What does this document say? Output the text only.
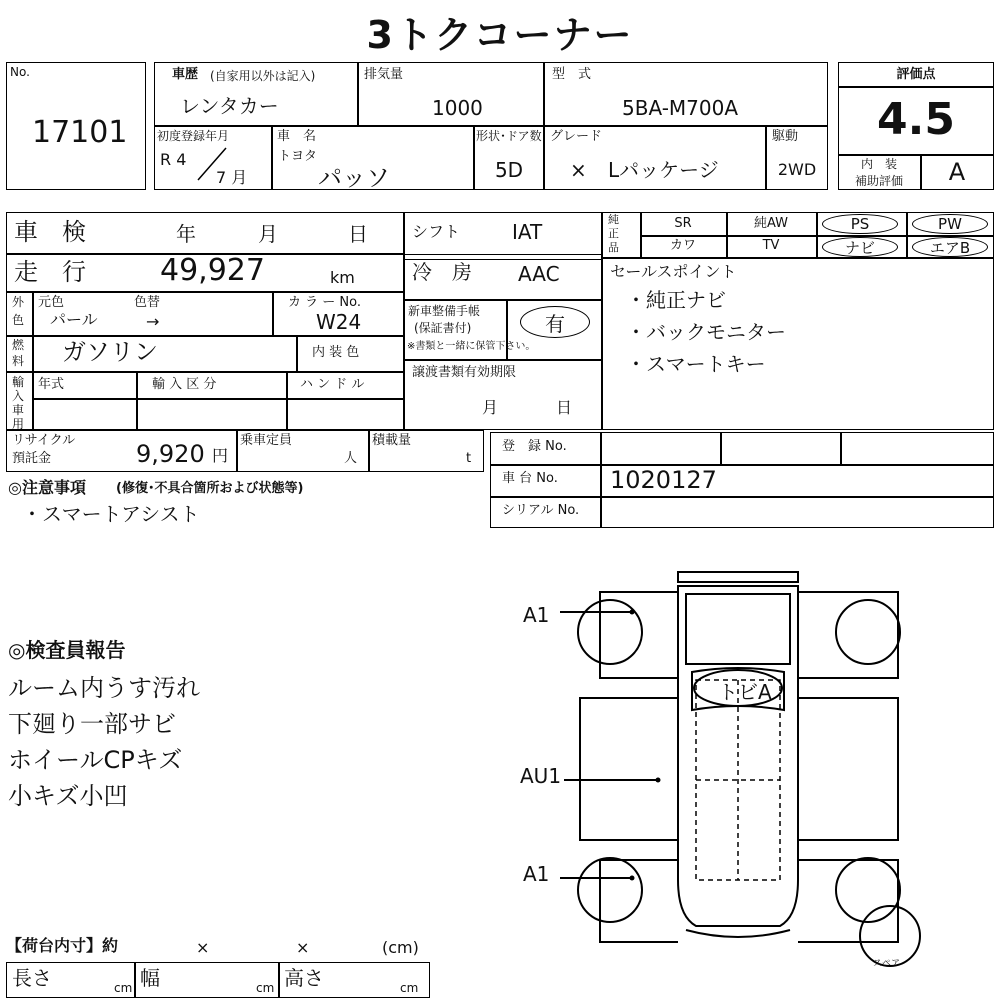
3トクコーナー
No.
17101
車歴 (自家用以外は記入)
レンタカー
排気量
1000
型　式
5BA-M700A
初度登録年月
R 4
7 月
車　名
トヨタ
パッソ
形状･ドア数
5D
グレード
× Lパッケージ
駆動
2WD
評価点
4.5
内　装
補助評価	A
車　検	年	月	日
走　行 49,927	km
外
色
元色
パール
色替
→
カ ラ ー No.
W24
燃
料 ガソリン	内 装 色
輸
入
車
用
年式	輸 入 区 分	ハ ン ド ル
リサイクル
預託金	9,920 円
乗車定員
人
積載量
t
◎注意事項 (修復･不具合箇所および状態等)
・スマートアシスト
シフト	IAT
冷　房 AAC
新車整備手帳
(保証書付)
※書類と一緒に保管下さい。
有
譲渡書類有効期限
月	日
純
正
品
SR	純AW	PS	PW
カワ	TV	ナビ	エアB
セールスポイント
・純正ナビ
・バックモニター
・スマートキー
登　録 No.
車 台 No. 1020127
シリアル No.
◎検査員報告
ルーム内うす汚れ
下廻り一部サビ
ホイールCPキズ
小キズ小凹
A1
AU1
A1
トビA
スペア
【荷台内寸】約	×	×	(cm)
長さ	cm 幅	cm 高さ	cm
